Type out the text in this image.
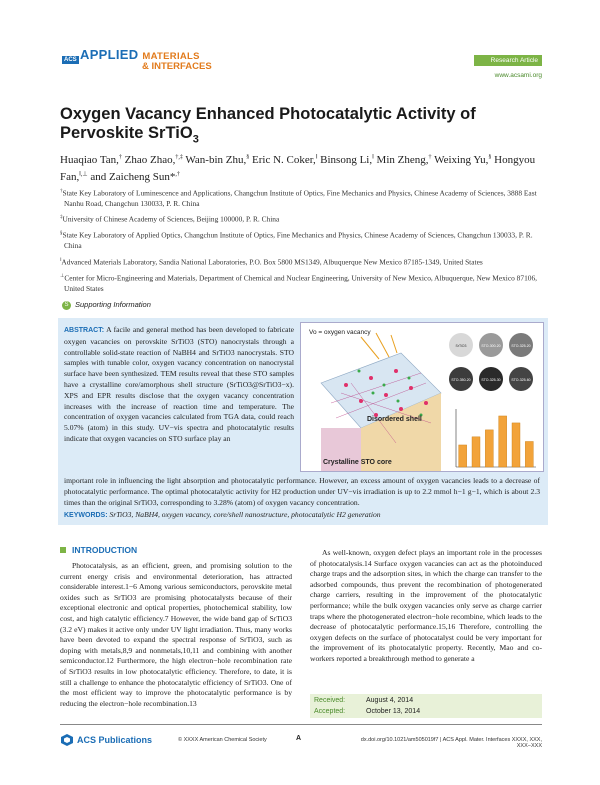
ACS APPLIED MATERIALS
& INTERFACES
Research Article
www.acsami.org
Oxygen Vacancy Enhanced Photocatalytic Activity of Pervoskite SrTiO$_3$
Huaqiao Tan,† Zhao Zhao,†,‡ Wan-bin Zhu,§ Eric N. Coker,‖ Binsong Li,‖ Min Zheng,† Weixing Yu,§ Hongyou Fan,‖,⊥ and Zaicheng Sun*,†
†State Key Laboratory of Luminescence and Applications, Changchun Institute of Optics, Fine Mechanics and Physics, Chinese Academy of Sciences, 3888 East Nanhu Road, Changchun 130033, P. R. China
‡University of Chinese Academy of Sciences, Beijing 100000, P. R. China
§State Key Laboratory of Applied Optics, Changchun Institute of Optics, Fine Mechanics and Physics, Chinese Academy of Sciences, Changchun 130033, P. R. China
‖Advanced Materials Laboratory, Sandia National Laboratories, P.O. Box 5800 MS1349, Albuquerque New Mexico 87185-1349, United States
⊥Center for Micro-Engineering and Materials, Department of Chemical and Nuclear Engineering, University of New Mexico, Albuquerque, New Mexico 87106, United States
S Supporting Information
ABSTRACT: A facile and general method has been developed to fabricate oxygen vacancies on perovskite SrTiO3 (STO) nanocrystals through a controllable solid-state reaction of NaBH4 and SrTiO3 nanocrystals. STO samples with tunable color, oxygen vacancy concentration on nanocrystal surface have been synthesized. TEM results reveal that these STO samples have a crystalline core/amorphous shell structure (SrTiO3@SrTiO3−x). XPS and EPR results disclose that the oxygen vacancy concentration increases with the increase of reaction time and temperature. The concentration of oxygen vacancies calculated from TGA data, could reach 5.07% (atom) in this study. UV−vis spectra and photocatalytic results indicate that oxygen vacancies on STO surface play an
important role in influencing the light absorption and photocatalytic performance. However, an excess amount of oxygen vacancies leads to a decrease of photocatalytic performance. The optimal photocatalytic activity for H2 production under UV−vis irradiation is up to 2.2 mmol h−1 g−1, which is about 2.3 times than the original SrTiO3, corresponding to 3.28% (atom) of oxygen vacancy concentration.
KEYWORDS: SrTiO3, NaBH4, oxygen vacancy, core/shell nanostructure, photocatalytic H2 generation
Vo = oxygen vacancy
Disordered shell
Crystalline STO core
SrTiO3	STO-300-20	STO-325-20
STO-350-20	STO-325-30	STO-325-60
INTRODUCTION

Photocatalysis, as an efficient, green, and promising solution to the current energy crisis and environmental deterioration, has attracted considerable interest.1−6 Among various semiconductors, perovskite metal oxides such as SrTiO3 are promising photocatalysts because of their exceptional electronic and optical properties, photochemical stability, low cost, and high catalytic efficiency.7 However, the wide band gap of SrTiO3 (3.2 eV) makes it active only under UV light irradiation. Thus, many works have been devoted to expand the spectral response of SrTiO3, such as doping with metals,8,9 and nonmetals,10,11 and combining with another semiconductor.12 Furthermore, the high electron−hole recombination rate of SrTiO3 results in low photocatalytic efficiency. Therefore, to date, it is still a challenge to enhance the photocatalytic efficiency of SrTiO3. One of the most efficient way to improve the photocatalytic performance is by reducing the electron−hole recombination.13

As well-known, oxygen defect plays an important role in the processes of photocatalysis.14 Surface oxygen vacancies can act as the photoinduced charge traps and the adsorption sites, in which the charge can transfer to the adsorbed compounds, thus prevent the recombination of photogenerated charge carriers, resulting in the improvement of the photocatalytic performance; while the bulk oxygen vacancies only serve as charge carrier traps where the photogenerated electron−hole recombine, which leads to the decrease of photocatalytic performance.15,16 Therefore, controlling the oxygen defects on the surface of photocatalyst could be very important for the improvement of its photocatalytic property. Recently, Mao and co-workers reported a breakthrough method to generate a

Received:	August 4, 2014
Accepted:	October 13, 2014
ACS Publications	© XXXX American Chemical Society	A	dx.doi.org/10.1021/am505019f7 | ACS Appl. Mater. Interfaces XXXX, XXX, XXX−XXX
